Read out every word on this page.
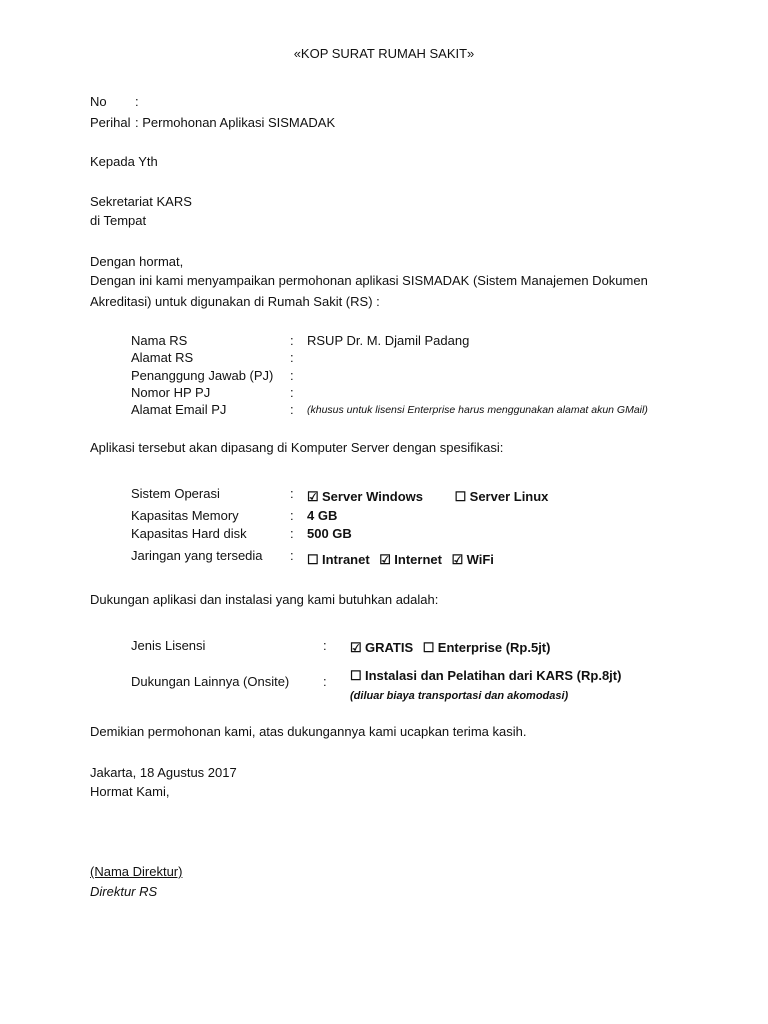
«KOP SURAT RUMAH SAKIT»
No :
Perihal : Permohonan Aplikasi SISMADAK
Kepada Yth
Sekretariat KARS
di Tempat
Dengan hormat,
Dengan ini kami menyampaikan permohonan aplikasi SISMADAK (Sistem Manajemen Dokumen
Akreditasi) untuk digunakan di Rumah Sakit (RS) :
Nama RS	: RSUP Dr. M. Djamil Padang
Alamat RS	:
Penanggung Jawab (PJ) :
Nomor HP PJ	:
Alamat Email PJ	: (khusus untuk lisensi Enterprise harus menggunakan alamat akun GMail)
Aplikasi tersebut akan dipasang di Komputer Server dengan spesifikasi:
Sistem Operasi	: ☑ Server Windows
☐ Server Linux
Kapasitas Memory	: 4 GB
Kapasitas Hard disk	: 500 GB
Jaringan yang tersedia : ☐ Intranet
☑ Internet
☑ WiFi
Dukungan aplikasi dan instalasi yang kami butuhkan adalah:
Jenis Lisensi	: ☑ GRATIS
☐ Enterprise (Rp.5jt)
Dukungan Lainnya (Onsite)	: ☐ Instalasi dan Pelatihan dari KARS (Rp.8jt)
(diluar biaya transportasi dan akomodasi)
Demikian permohonan kami, atas dukungannya kami ucapkan terima kasih.
Jakarta, 18 Agustus 2017
Hormat Kami,
(Nama Direktur)
Direktur RS
